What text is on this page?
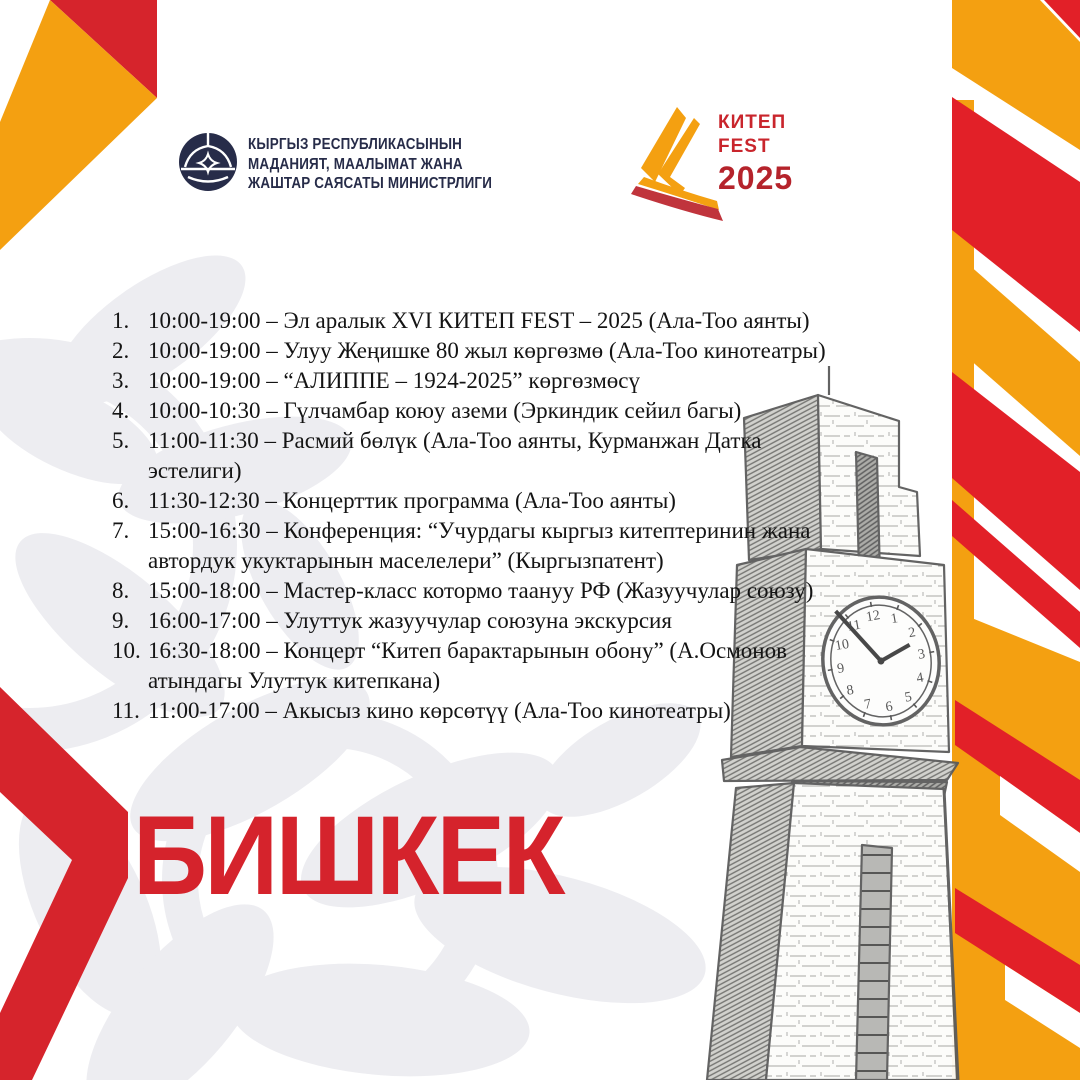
1
2
3
4
5
6
7
8
9
10
11
12
КЫРГЫЗ РЕСПУБЛИКАСЫНЫН
МАДАНИЯТ, МААЛЫМАТ ЖАНА
ЖАШТАР САЯСАТЫ МИНИСТРЛИГИ
КИТЕП
FEST
2025
1. 10:00-19:00 – Эл аралык XVI КИТЕП FEST – 2025 (Ала-Тоо аянты)
2. 10:00-19:00 – Улуу Жеңишке 80 жыл көргөзмө (Ала-Тоо кинотеатры)
3. 10:00-19:00 – “АЛИППЕ – 1924-2025” көргөзмөсү
4. 10:00-10:30 – Гүлчамбар коюу аземи (Эркиндик сейил багы)
5. 11:00-11:30 – Расмий бөлүк (Ала-Тоо аянты, Курманжан Датка
эстелиги)
6. 11:30-12:30 – Концерттик программа (Ала-Тоо аянты)
7. 15:00-16:30 – Конференция: “Учурдагы кыргыз китептеринин жана
автордук укуктарынын маселелери” (Кыргызпатент)
8. 15:00-18:00 – Мастер-класс котормо таануу РФ (Жазуучулар союзу)
9. 16:00-17:00 – Улуттук жазуучулар союзуна экскурсия
10. 16:30-18:00 – Концерт “Китеп барактарынын обону” (А.Осмонов
атындагы Улуттук китепкана)
11. 11:00-17:00 – Акысыз кино көрсөтүү (Ала-Тоо кинотеатры)
БИШКЕК
